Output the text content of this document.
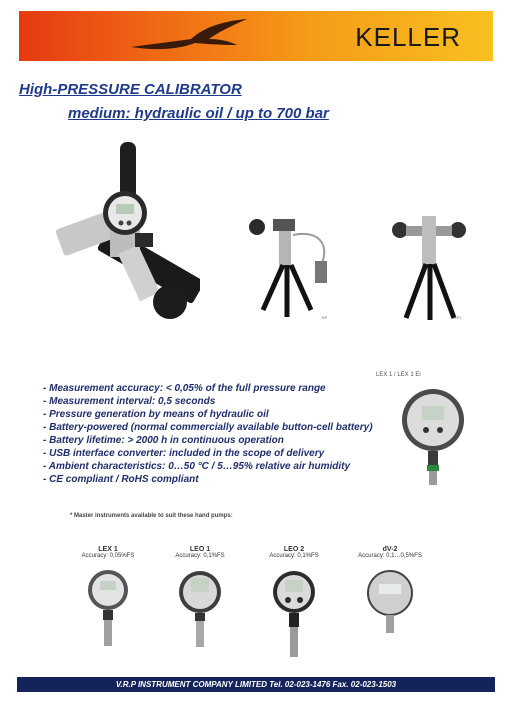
KELLER
High-PRESSURE CALIBRATOR
medium: hydraulic oil / up to 700 bar
KP	KP1
LEX 1 / LEX 1 Ei
- Measurement accuracy: < 0,05% of the full pressure range
- Measurement interval: 0,5 seconds
- Pressure generation by means of hydraulic oil
- Battery-powered (normal commercially available button-cell battery)
- Battery lifetime: > 2000 h in continuous operation
- USB interface converter: included in the scope of delivery
- Ambient characteristics: 0…50 °C / 5…95% relative air humidity
- CE compliant / RoHS compliant
* Master instruments available to suit these hand pumps:
LEX 1
Accuracy: 0,05%FS
LEO 1
Accuracy: 0,1%FS
LEO 2
Accuracy: 0,1%FS
dV-2
Accuracy: 0,1…0,5%FS
V.R.P INSTRUMENT COMPANY LIMITED Tel. 02-023-1476 Fax. 02-023-1503
